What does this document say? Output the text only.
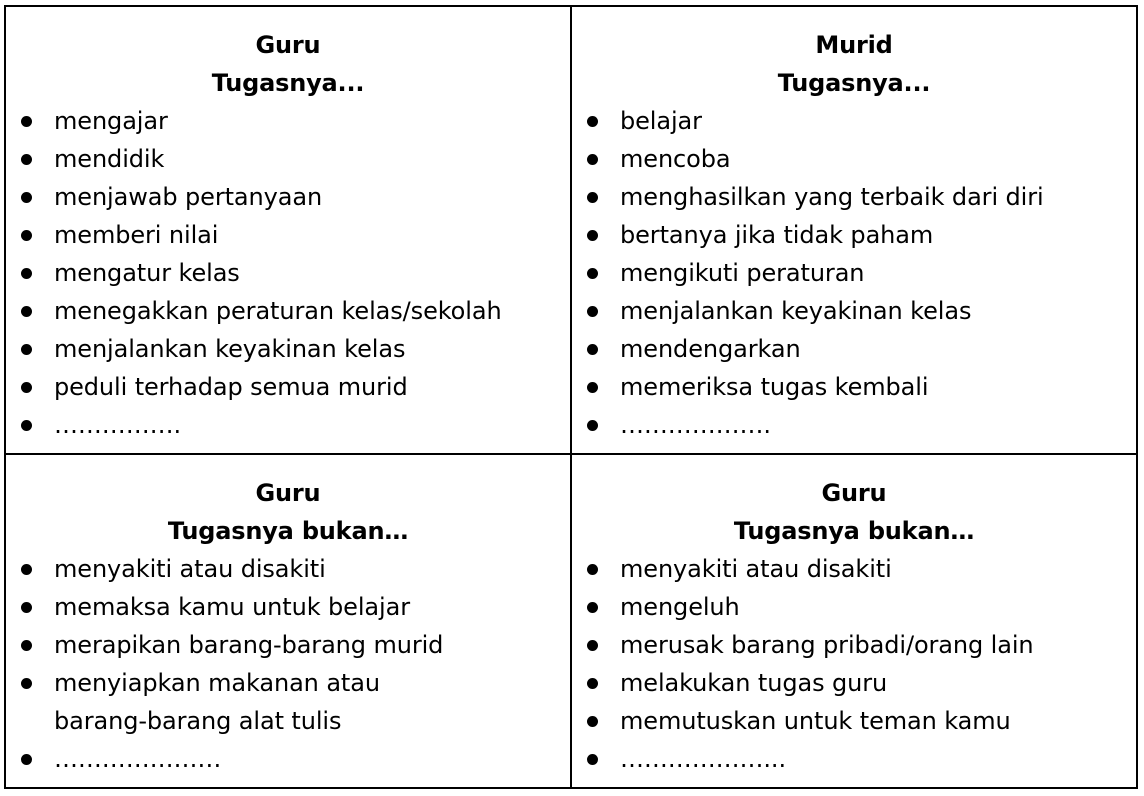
Guru

Tugasnya...

mengajar
mendidik
menjawab pertanyaan
memberi nilai
mengatur kelas
menegakkan peraturan kelas/sekolah
menjalankan keyakinan kelas
peduli terhadap semua murid
…………….

Murid

Tugasnya...

belajar
mencoba
menghasilkan yang terbaik dari diri
bertanya jika tidak paham
mengikuti peraturan
menjalankan keyakinan kelas
mendengarkan
memeriksa tugas kembali
……………….

Guru

Tugasnya bukan…

menyakiti atau disakiti
memaksa kamu untuk belajar
merapikan barang-barang murid
menyiapkan makanan atau
barang-barang alat tulis
…………………

Guru

Tugasnya bukan…

menyakiti atau disakiti
mengeluh
merusak barang pribadi/orang lain
melakukan tugas guru
memutuskan untuk teman kamu
………………...
